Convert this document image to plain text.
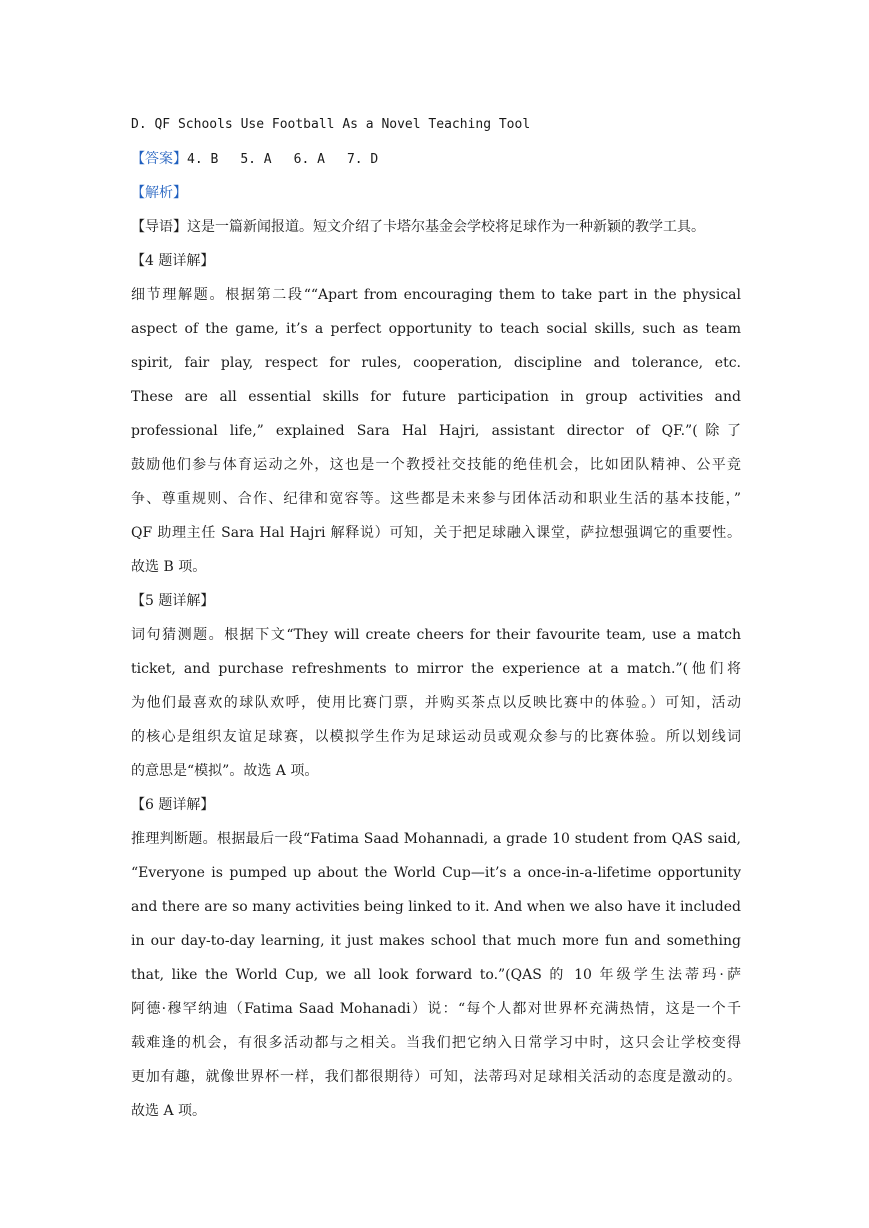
D. QF Schools Use Football As a Novel Teaching Tool
【答案】4. B 5. A 6. A 7. D
【解析】
【导语】这是一篇新闻报道。短文介绍了卡塔尔基金会学校将足球作为一种新颖的教学工具。
【4 题详解】
细节理解题。根据第二段““Apart from encouraging them to take part in the physical
aspect of the game, it’s a perfect opportunity to teach social skills, such as team
spirit, fair play, respect for rules, cooperation, discipline and tolerance, etc.
These are all essential skills for future participation in group activities and
professional life,” explained Sara Hal Hajri, assistant director of QF.”(除了
鼓励他们参与体育运动之外，这也是一个教授社交技能的绝佳机会，比如团队精神、公平竞
争、尊重规则、合作、纪律和宽容等。这些都是未来参与团体活动和职业生活的基本技能，”
QF 助理主任 Sara Hal Hajri 解释说）可知，关于把足球融入课堂，萨拉想强调它的重要性。
故选 B 项。
【5 题详解】
词句猜测题。根据下文“They will create cheers for their favourite team, use a match
ticket, and purchase refreshments to mirror the experience at a match.”(他们将
为他们最喜欢的球队欢呼，使用比赛门票，并购买茶点以反映比赛中的体验。）可知，活动
的核心是组织友谊足球赛，以模拟学生作为足球运动员或观众参与的比赛体验。所以划线词
的意思是“模拟”。故选 A 项。
【6 题详解】
推理判断题。根据最后一段“Fatima Saad Mohannadi, a grade 10 student from QAS said,
“Everyone is pumped up about the World Cup—it’s a once-in-a-lifetime opportunity
and there are so many activities being linked to it. And when we also have it included
in our day-to-day learning, it just makes school that much more fun and something
that, like the World Cup, we all look forward to.”(QAS 的 10 年级学生法蒂玛·萨
阿德·穆罕纳迪（Fatima Saad Mohanadi）说：“每个人都对世界杯充满热情，这是一个千
载难逢的机会，有很多活动都与之相关。当我们把它纳入日常学习中时，这只会让学校变得
更加有趣，就像世界杯一样，我们都很期待）可知，法蒂玛对足球相关活动的态度是激动的。
故选 A 项。
